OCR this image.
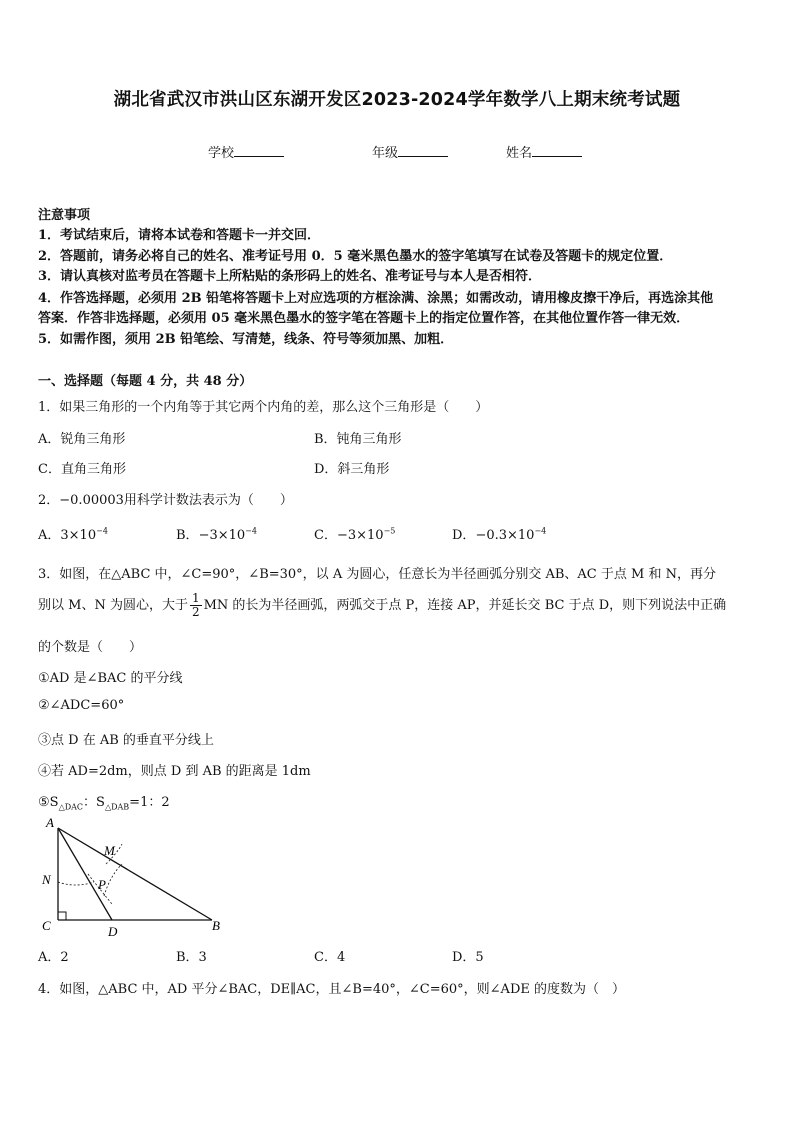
湖北省武汉市洪山区东湖开发区2023-2024学年数学八上期末统考试题
学校	年级	姓名
注意事项
1．考试结束后，请将本试卷和答题卡一并交回．
2．答题前，请务必将自己的姓名、准考证号用 0．5 毫米黑色墨水的签字笔填写在试卷及答题卡的规定位置．
3．请认真核对监考员在答题卡上所粘贴的条形码上的姓名、准考证号与本人是否相符．
4．作答选择题，必须用 2B 铅笔将答题卡上对应选项的方框涂满、涂黑；如需改动，请用橡皮擦干净后，再选涂其他
答案．作答非选择题，必须用 05 毫米黑色墨水的签字笔在答题卡上的指定位置作答，在其他位置作答一律无效．
5．如需作图，须用 2B 铅笔绘、写清楚，线条、符号等须加黑、加粗．
一、选择题（每题 4 分，共 48 分）
1．如果三角形的一个内角等于其它两个内角的差，那么这个三角形是（　　）
A．锐角三角形	B．钝角三角形
C．直角三角形	D．斜三角形
2．−0.00003用科学计数法表示为（　　）
A．$3\times 10^{-4}$	B．$-3\times 10^{-4}$	C．$-3\times 10^{-5}$	D．$-0.3\times 10^{-4}$
3．如图，在△ABC 中，∠C=90°，∠B=30°，以 A 为圆心，任意长为半径画弧分别交 AB、AC 于点 M 和 N，再分
别以 M、N 为圆心，大于 $\frac{1}{2}$ MN 的长为半径画弧，两弧交于点 P，连接 AP，并延长交 BC 于点 D，则下列说法中正确
的个数是（　　）
①AD 是∠BAC 的平分线
②∠ADC=60°
③点 D 在 AB 的垂直平分线上
④若 AD=2dm，则点 D 到 AB 的距离是 1dm
$⑤S_{\triangle DAC}$：$S_{\triangle DAB}=1$：2
A
M
N	P
C	D	B
A．2	B．3	C．4	D．5
4．如图，△ABC 中，AD 平分∠BAC，DE∥AC，且∠B=40°，∠C=60°，则∠ADE 的度数为（　）
